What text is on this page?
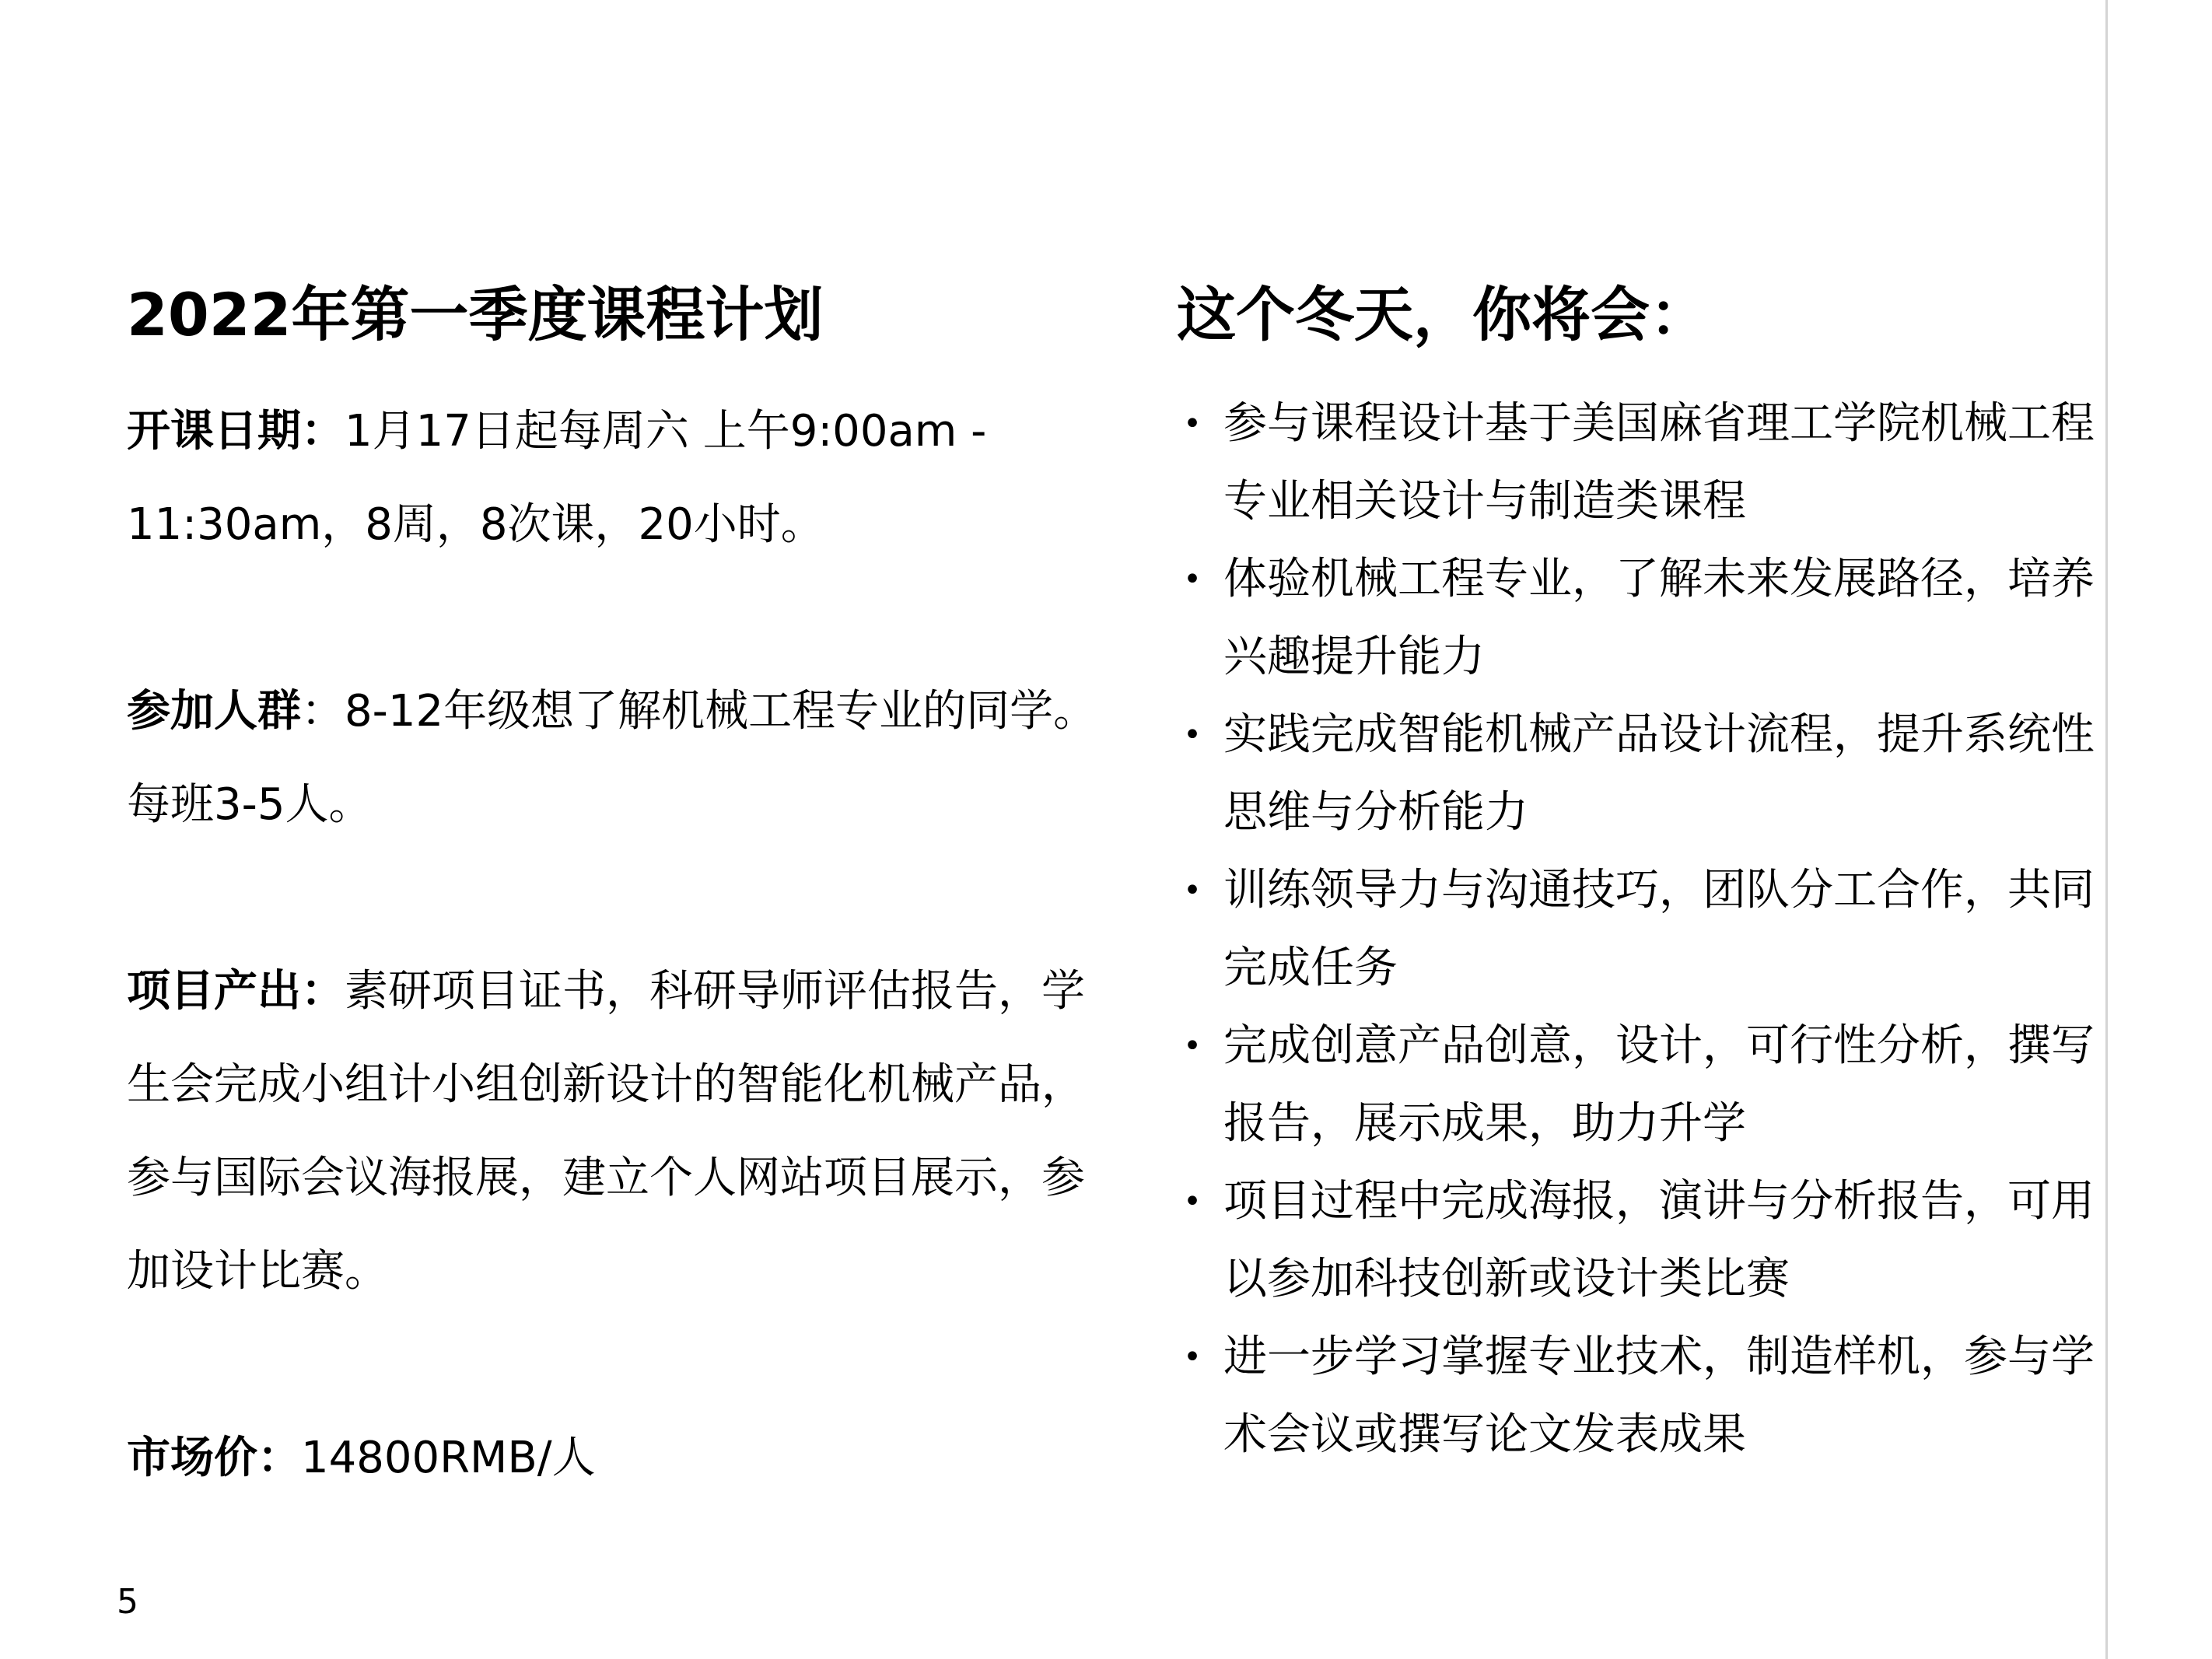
2022年第一季度课程计划

开课日期：1月17日起每周六 上午9:00am - 11:30am，8周，8次课，20小时。

参加人群：8-12年级想了解机械工程专业的同学。每班3-5人。

项目产出：素研项目证书，科研导师评估报告，学生会完成小组计小组创新设计的智能化机械产品，参与国际会议海报展，建立个人网站项目展示，参加设计比赛。

市场价：14800RMB/人

这个冬天，你将会：
• 参与课程设计基于美国麻省理工学院机械工程专业相关设计与制造类课程
• 体验机械工程专业，了解未来发展路径，培养兴趣提升能力
• 实践完成智能机械产品设计流程，提升系统性思维与分析能力
• 训练领导力与沟通技巧，团队分工合作，共同完成任务
• 完成创意产品创意，设计，可行性分析，撰写报告，展示成果，助力升学
• 项目过程中完成海报，演讲与分析报告，可用以参加科技创新或设计类比赛
• 进一步学习掌握专业技术，制造样机，参与学术会议或撰写论文发表成果
5
